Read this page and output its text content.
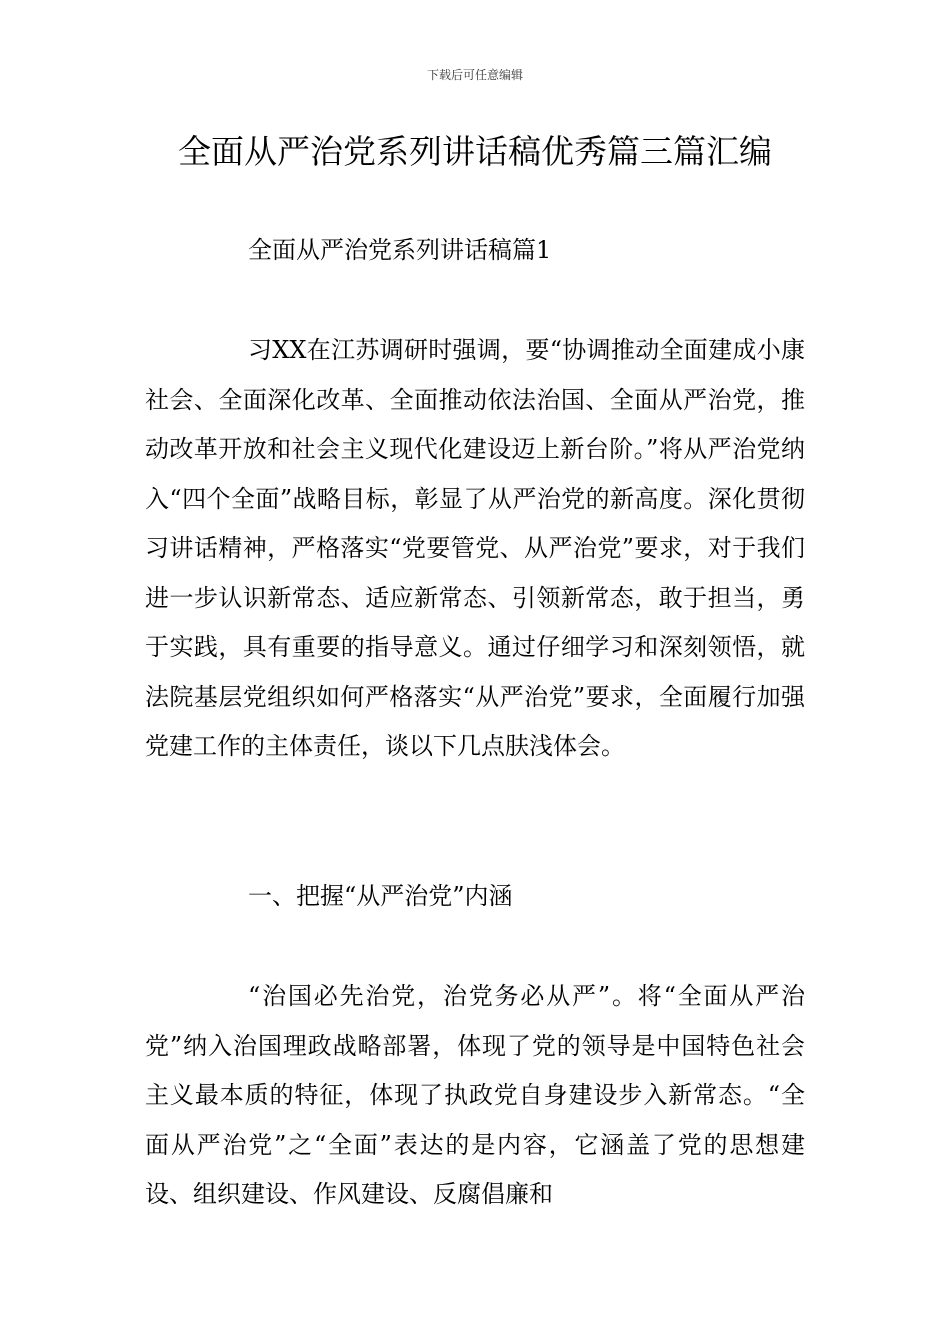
下载后可任意编辑
全面从严治党系列讲话稿优秀篇三篇汇编
全面从严治党系列讲话稿篇1

习XX在江苏调研时强调，要“协调推动全面建成小康社会、全面深化改革、全面推动依法治国、全面从严治党，推动改革开放和社会主义现代化建设迈上新台阶。”将从严治党纳入“四个全面”战略目标，彰显了从严治党的新高度。深化贯彻习讲话精神，严格落实“党要管党、从严治党”要求，对于我们进一步认识新常态、适应新常态、引领新常态，敢于担当，勇于实践，具有重要的指导意义。通过仔细学习和深刻领悟，就法院基层党组织如何严格落实“从严治党”要求，全面履行加强党建工作的主体责任，谈以下几点肤浅体会。

一、把握“从严治党”内涵

“治国必先治党，治党务必从严”。将“全面从严治党”纳入治国理政战略部署，体现了党的领导是中国特色社会主义最本质的特征，体现了执政党自身建设步入新常态。“全面从严治党”之“全面”表达的是内容，它涵盖了党的思想建设、组织建设、作风建设、反腐倡廉和
